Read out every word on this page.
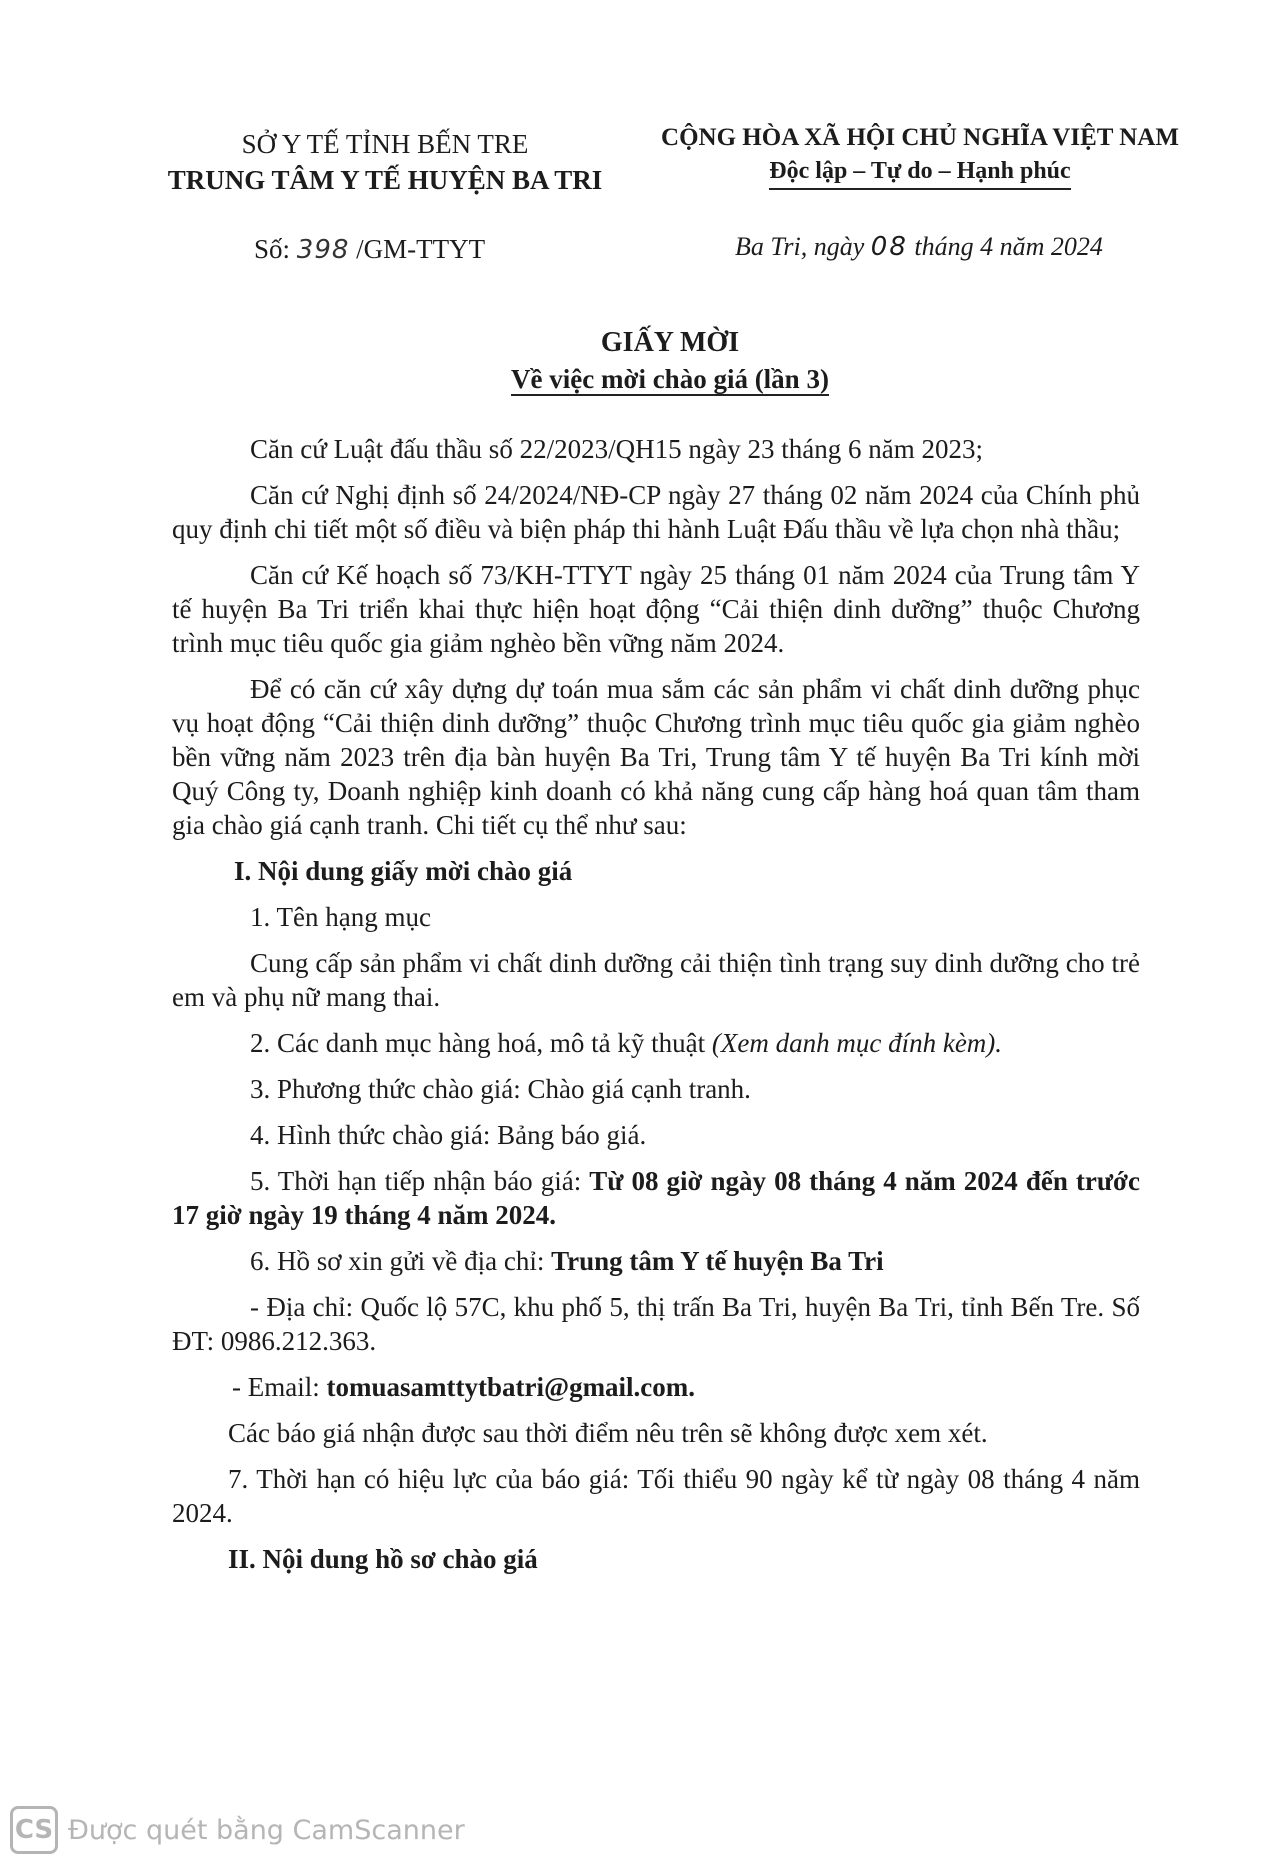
SỞ Y TẾ TỈNH BẾN TRE
TRUNG TÂM Y TẾ HUYỆN BA TRI
CỘNG HÒA XÃ HỘI CHỦ NGHĨA VIỆT NAM
Độc lập – Tự do – Hạnh phúc
Số: 398 /GM-TTYT	Ba Tri, ngày 08 tháng 4 năm 2024
GIẤY MỜI
Về việc mời chào giá (lần 3)

Căn cứ Luật đấu thầu số 22/2023/QH15 ngày 23 tháng 6 năm 2023;

Căn cứ Nghị định số 24/2024/NĐ-CP ngày 27 tháng 02 năm 2024 của Chính phủ quy định chi tiết một số điều và biện pháp thi hành Luật Đấu thầu về lựa chọn nhà thầu;

Căn cứ Kế hoạch số 73/KH-TTYT ngày 25 tháng 01 năm 2024 của Trung tâm Y tế huyện Ba Tri triển khai thực hiện hoạt động “Cải thiện dinh dưỡng” thuộc Chương trình mục tiêu quốc gia giảm nghèo bền vững năm 2024.

Để có căn cứ xây dựng dự toán mua sắm các sản phẩm vi chất dinh dưỡng phục vụ hoạt động “Cải thiện dinh dưỡng” thuộc Chương trình mục tiêu quốc gia giảm nghèo bền vững năm 2023 trên địa bàn huyện Ba Tri, Trung tâm Y tế huyện Ba Tri kính mời Quý Công ty, Doanh nghiệp kinh doanh có khả năng cung cấp hàng hoá quan tâm tham gia chào giá cạnh tranh. Chi tiết cụ thể như sau:

I. Nội dung giấy mời chào giá

1. Tên hạng mục

Cung cấp sản phẩm vi chất dinh dưỡng cải thiện tình trạng suy dinh dưỡng cho trẻ em và phụ nữ mang thai.

2. Các danh mục hàng hoá, mô tả kỹ thuật (Xem danh mục đính kèm).

3. Phương thức chào giá: Chào giá cạnh tranh.

4. Hình thức chào giá: Bảng báo giá.

5. Thời hạn tiếp nhận báo giá: Từ 08 giờ ngày 08 tháng 4 năm 2024 đến trước 17 giờ ngày 19 tháng 4 năm 2024.

6. Hồ sơ xin gửi về địa chỉ: Trung tâm Y tế huyện Ba Tri

- Địa chỉ: Quốc lộ 57C, khu phố 5, thị trấn Ba Tri, huyện Ba Tri, tỉnh Bến Tre. Số ĐT: 0986.212.363.

- Email: tomuasamttytbatri@gmail.com.

Các báo giá nhận được sau thời điểm nêu trên sẽ không được xem xét.

7. Thời hạn có hiệu lực của báo giá: Tối thiểu 90 ngày kể từ ngày 08 tháng 4 năm 2024.

II. Nội dung hồ sơ chào giá

CS Được quét bằng CamScanner
